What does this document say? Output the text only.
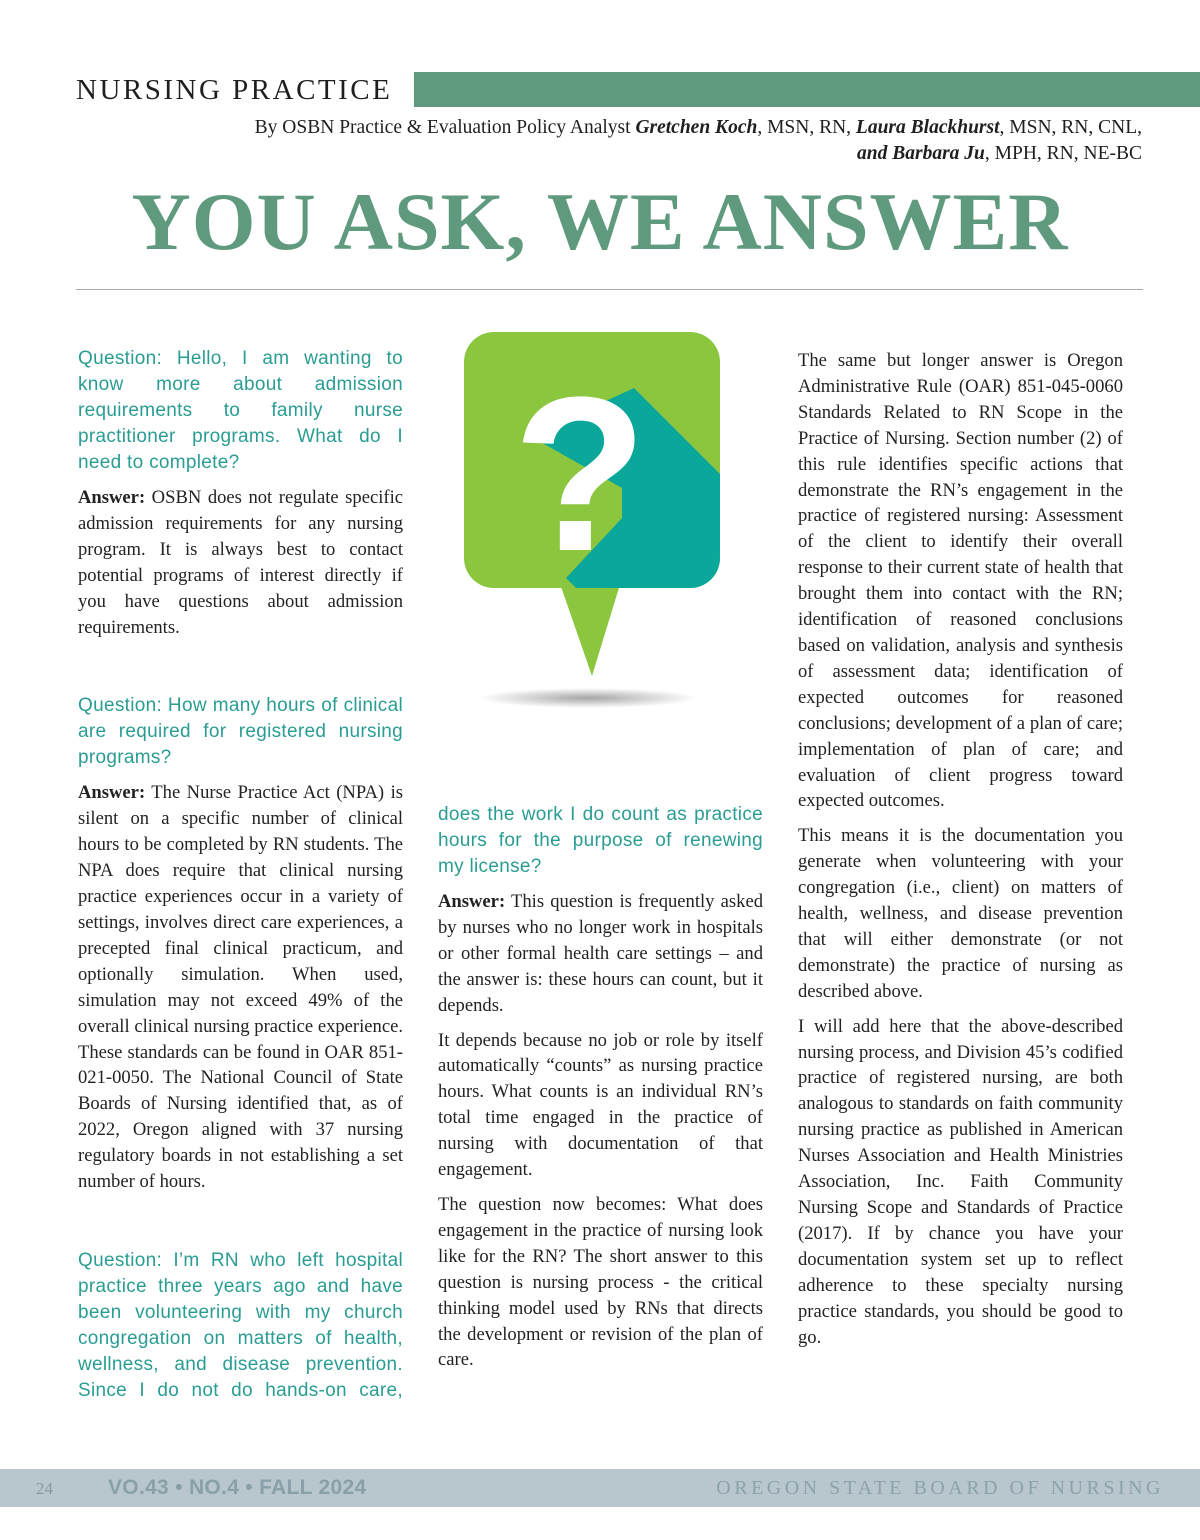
NURSING PRACTICE
By OSBN Practice & Evaluation Policy Analyst Gretchen Koch, MSN, RN, Laura Blackhurst, MSN, RN, CNL,
and Barbara Ju, MPH, RN, NE-BC
YOU ASK, WE ANSWER

Question: Hello, I am wanting to know more about admission requirements to family nurse practitioner programs. What do I need to complete?

Answer: OSBN does not regulate specific admission requirements for any nursing program. It is always best to contact potential programs of interest directly if you have questions about admission requirements.

Question: How many hours of clinical are required for registered nursing programs?

Answer: The Nurse Practice Act (NPA) is silent on a specific number of clinical hours to be completed by RN students. The NPA does require that clinical nursing practice experiences occur in a variety of settings, involves direct care experiences, a precepted final clinical practicum, and optionally simulation. When used, simulation may not exceed 49% of the overall clinical nursing practice experience. These standards can be found in OAR 851-021-0050. The National Council of State Boards of Nursing identified that, as of 2022, Oregon aligned with 37 nursing regulatory boards in not establishing a set number of hours.

Question: I’m RN who left hospital practice three years ago and have been volunteering with my church congregation on matters of health, wellness, and disease prevention. Since I do not do hands-on care,

?

does the work I do count as practice hours for the purpose of renewing my license?

Answer: This question is frequently asked by nurses who no longer work in hospitals or other formal health care settings – and the answer is: these hours can count, but it depends.

It depends because no job or role by itself automatically “counts” as nursing practice hours. What counts is an individual RN’s total time engaged in the practice of nursing with documentation of that engagement.

The question now becomes: What does engagement in the practice of nursing look like for the RN? The short answer to this question is nursing process - the critical thinking model used by RNs that directs the development or revision of the plan of care.

The same but longer answer is Oregon Administrative Rule (OAR) 851-045-0060 Standards Related to RN Scope in the Practice of Nursing. Section number (2) of this rule identifies specific actions that demonstrate the RN’s engagement in the practice of registered nursing: Assessment of the client to identify their overall response to their current state of health that brought them into contact with the RN; identification of reasoned conclusions based on validation, analysis and synthesis of assessment data; identification of expected outcomes for reasoned conclusions; development of a plan of care; implementation of plan of care; and evaluation of client progress toward expected outcomes.

This means it is the documentation you generate when volunteering with your congregation (i.e., client) on matters of health, wellness, and disease prevention that will either demonstrate (or not demonstrate) the practice of nursing as described above.

I will add here that the above-described nursing process, and Division 45’s codified practice of registered nursing, are both analogous to standards on faith community nursing practice as published in American Nurses Association and Health Ministries Association, Inc. Faith Community Nursing Scope and Standards of Practice (2017). If by chance you have your documentation system set up to reflect adherence to these specialty nursing practice standards, you should be good to go.

24	VO.43 • NO.4 • FALL 2024	OREGON STATE BOARD OF NURSING
